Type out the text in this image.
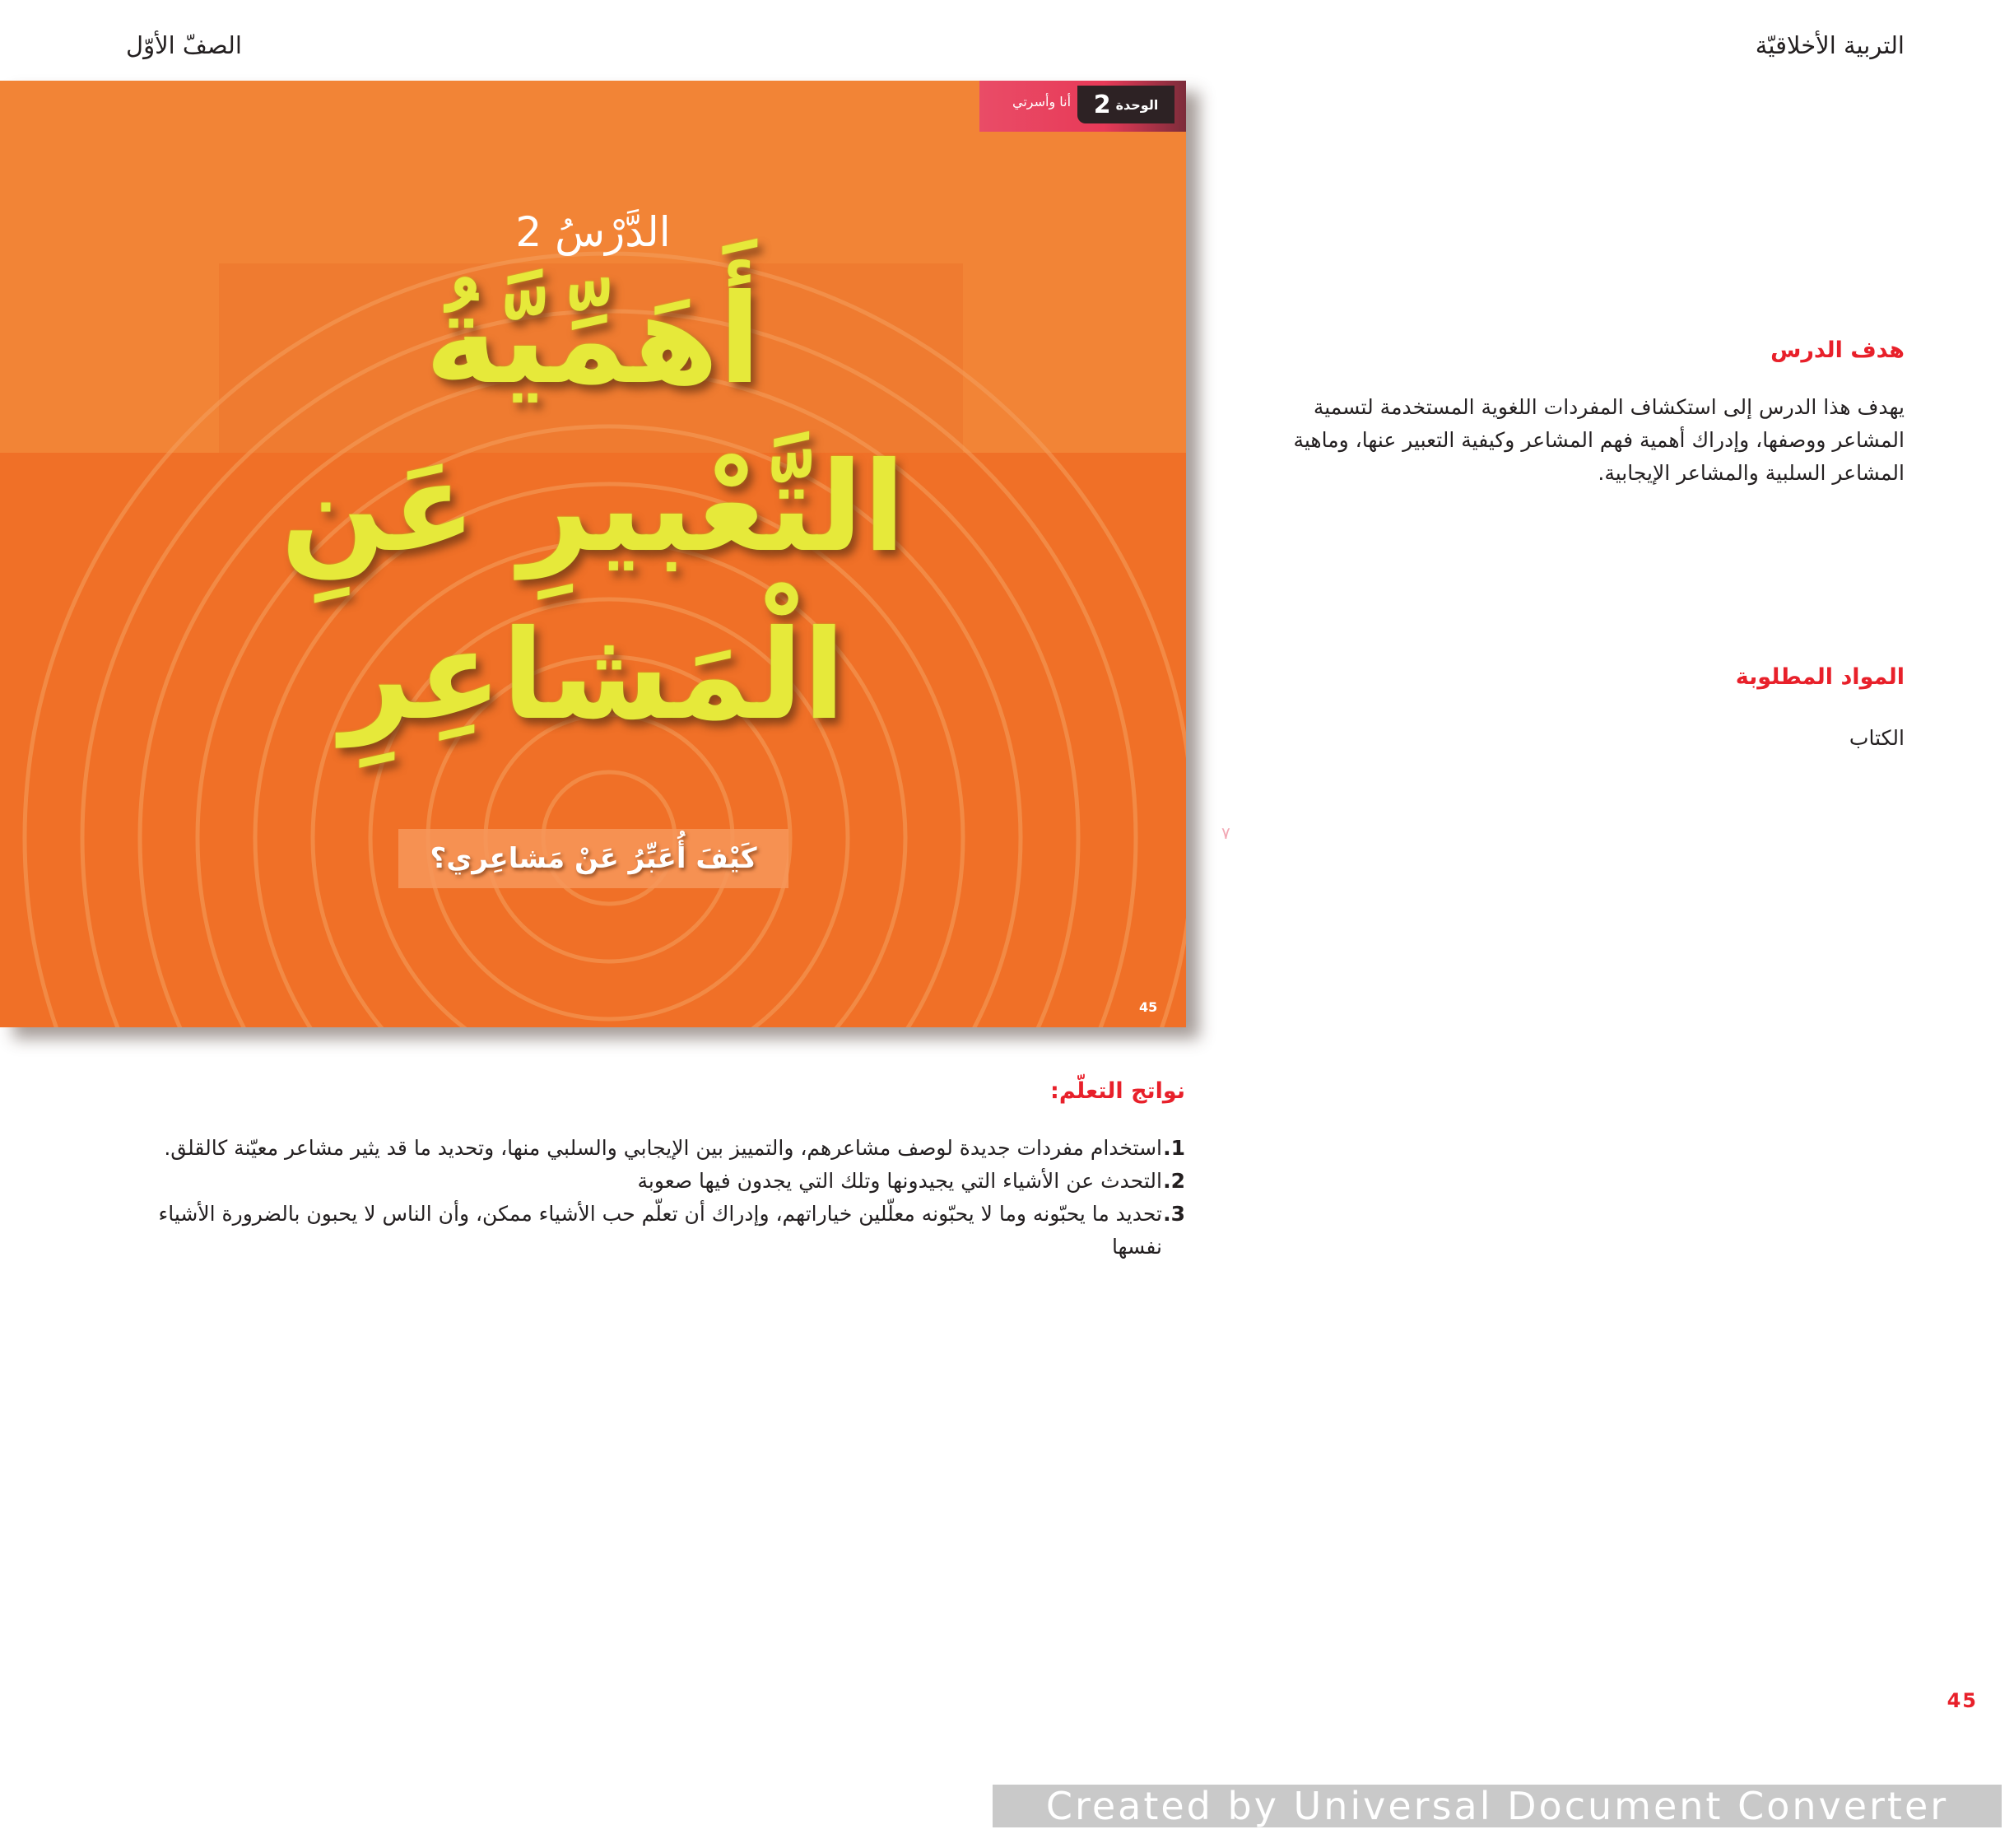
التربية الأخلاقيّة
الصفّ الأوّل
أنا وأسرتي	الوحدة
2
الدَّرْسُ 2
أَهَمِّيَّةُ
التَّعْبيرِ عَنِ
الْمَشاعِرِ
كَيْفَ أُعَبِّرُ عَنْ مَشاعِري؟
45
هدف الدرس
يهدف هذا الدرس إلى استكشاف المفردات اللغوية المستخدمة لتسمية المشاعر ووصفها، وإدراك أهمية فهم المشاعر وكيفية التعبير عنها، وماهية المشاعر السلبية والمشاعر الإيجابية.
المواد المطلوبة
الكتاب
٧
نواتج التعلّم:
1.
استخدام مفردات جديدة لوصف مشاعرهم، والتمييز بين الإيجابي والسلبي منها، وتحديد ما قد يثير مشاعر معيّنة كالقلق.
2.
التحدث عن الأشياء التي يجيدونها وتلك التي يجدون فيها صعوبة
3.
تحديد ما يحبّونه وما لا يحبّونه معلّلين خياراتهم، وإدراك أن تعلّم حب الأشياء ممكن، وأن الناس لا يحبون بالضرورة الأشياء نفسها
45
Created by Universal Document Converter
